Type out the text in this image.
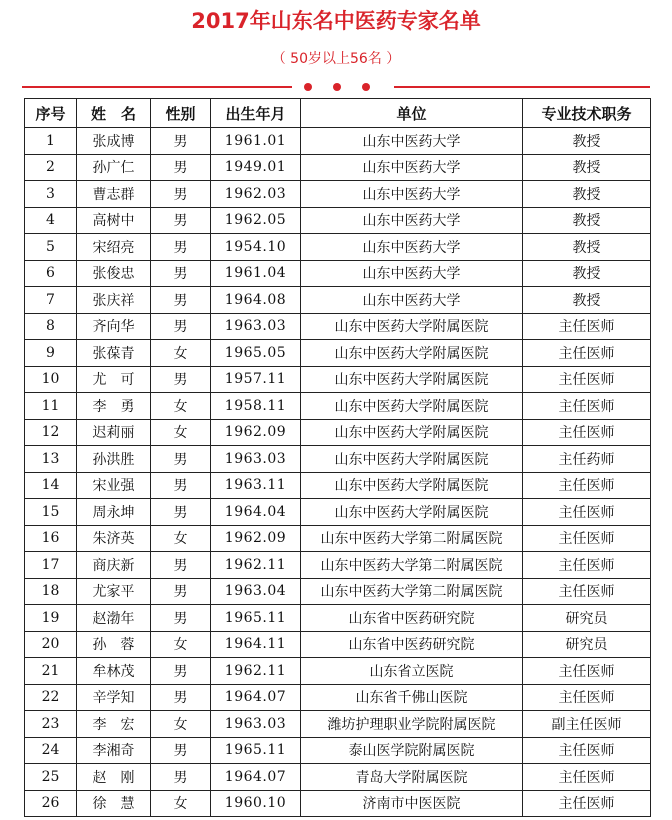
2017年山东名中医药专家名单
（ 50岁以上56名 ）
序号	姓　名	性别	出生年月	单位	专业技术职务
1	张成博	男	1961.01	山东中医药大学	教授
2	孙广仁	男	1949.01	山东中医药大学	教授
3	曹志群	男	1962.03	山东中医药大学	教授
4	高树中	男	1962.05	山东中医药大学	教授
5	宋绍亮	男	1954.10	山东中医药大学	教授
6	张俊忠	男	1961.04	山东中医药大学	教授
7	张庆祥	男	1964.08	山东中医药大学	教授
8	齐向华	男	1963.03	山东中医药大学附属医院	主任医师
9	张葆青	女	1965.05	山东中医药大学附属医院	主任医师
10	尤　可	男	1957.11	山东中医药大学附属医院	主任医师
11	李　勇	女	1958.11	山东中医药大学附属医院	主任医师
12	迟莉丽	女	1962.09	山东中医药大学附属医院	主任医师
13	孙洪胜	男	1963.03	山东中医药大学附属医院	主任药师
14	宋业强	男	1963.11	山东中医药大学附属医院	主任医师
15	周永坤	男	1964.04	山东中医药大学附属医院	主任医师
16	朱济英	女	1962.09	山东中医药大学第二附属医院	主任医师
17	商庆新	男	1962.11	山东中医药大学第二附属医院	主任医师
18	尤家平	男	1963.04	山东中医药大学第二附属医院	主任医师
19	赵渤年	男	1965.11	山东省中医药研究院	研究员
20	孙　蓉	女	1964.11	山东省中医药研究院	研究员
21	牟林茂	男	1962.11	山东省立医院	主任医师
22	辛学知	男	1964.07	山东省千佛山医院	主任医师
23	李　宏	女	1963.03	潍坊护理职业学院附属医院	副主任医师
24	李湘奇	男	1965.11	泰山医学院附属医院	主任医师
25	赵　刚	男	1964.07	青岛大学附属医院	主任医师
26	徐　慧	女	1960.10	济南市中医医院	主任医师
